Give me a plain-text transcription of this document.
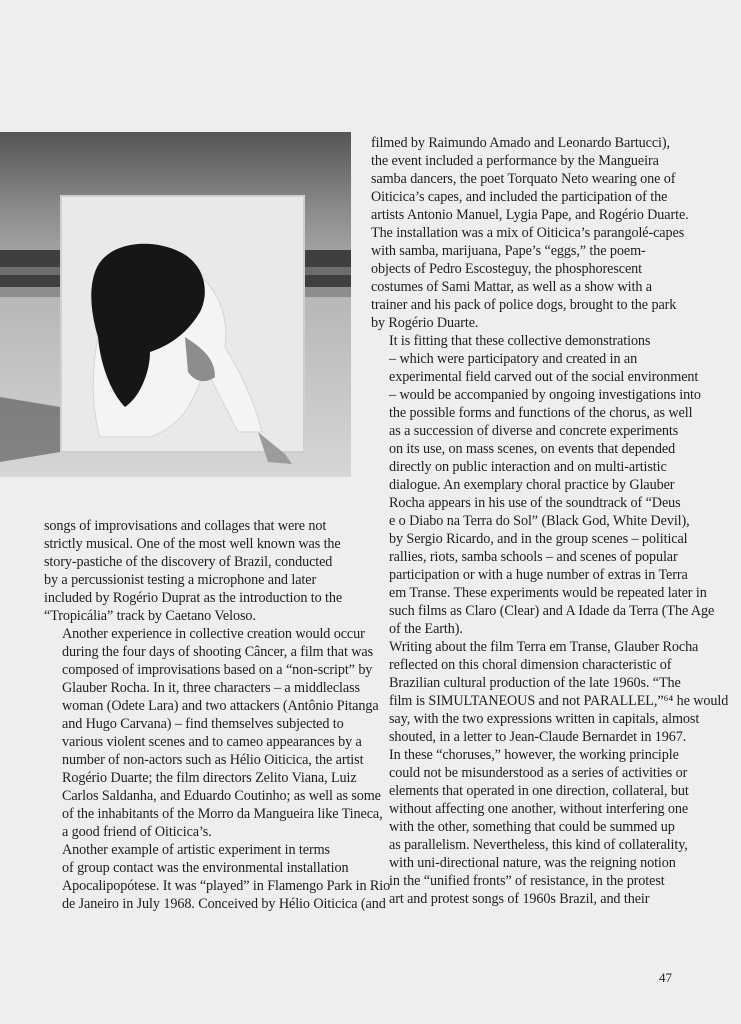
songs of improvisations and collages that were not
strictly musical. One of the most well known was the
story-pastiche of the discovery of Brazil, conducted
by a percussionist testing a microphone and later
included by Rogério Duprat as the introduction to the
“Tropicália” track by Caetano Veloso.

Another experience in collective creation would occur
during the four days of shooting Câncer, a film that was
composed of improvisations based on a “non-script” by
Glauber Rocha. In it, three characters – a middleclass
woman (Odete Lara) and two attackers (Antônio Pitanga
and Hugo Carvana) – find themselves subjected to
various violent scenes and to cameo appearances by a
number of non-actors such as Hélio Oiticica, the artist
Rogério Duarte; the film directors Zelito Viana, Luiz
Carlos Saldanha, and Eduardo Coutinho; as well as some
of the inhabitants of the Morro da Mangueira like Tineca,
a good friend of Oiticica’s.

Another example of artistic experiment in terms
of group contact was the environmental installation
Apocalipopótese. It was “played” in Flamengo Park in Rio
de Janeiro in July 1968. Conceived by Hélio Oiticica (and

filmed by Raimundo Amado and Leonardo Bartucci),
the event included a performance by the Mangueira
samba dancers, the poet Torquato Neto wearing one of
Oiticica’s capes, and included the participation of the
artists Antonio Manuel, Lygia Pape, and Rogério Duarte.
The installation was a mix of Oiticica’s parangolé-capes
with samba, marijuana, Pape’s “eggs,” the poem-
objects of Pedro Escosteguy, the phosphorescent
costumes of Sami Mattar, as well as a show with a
trainer and his pack of police dogs, brought to the park
by Rogério Duarte.

It is fitting that these collective demonstrations
– which were participatory and created in an
experimental field carved out of the social environment
– would be accompanied by ongoing investigations into
the possible forms and functions of the chorus, as well
as a succession of diverse and concrete experiments
on its use, on mass scenes, on events that depended
directly on public interaction and on multi-artistic
dialogue. An exemplary choral practice by Glauber
Rocha appears in his use of the soundtrack of “Deus
e o Diabo na Terra do Sol” (Black God, White Devil),
by Sergio Ricardo, and in the group scenes – political
rallies, riots, samba schools – and scenes of popular
participation or with a huge number of extras in Terra
em Transe. These experiments would be repeated later in
such films as Claro (Clear) and A Idade da Terra (The Age
of the Earth).

Writing about the film Terra em Transe, Glauber Rocha
reflected on this choral dimension characteristic of
Brazilian cultural production of the late 1960s. “The
film is SIMULTANEOUS and not PARALLEL,”⁶⁴ he would
say, with the two expressions written in capitals, almost
shouted, in a letter to Jean-Claude Bernardet in 1967.
In these “choruses,” however, the working principle
could not be misunderstood as a series of activities or
elements that operated in one direction, collateral, but
without affecting one another, without interfering one
with the other, something that could be summed up
as parallelism. Nevertheless, this kind of collaterality,
with uni-directional nature, was the reigning notion
in the “unified fronts” of resistance, in the protest
art and protest songs of 1960s Brazil, and their

47
